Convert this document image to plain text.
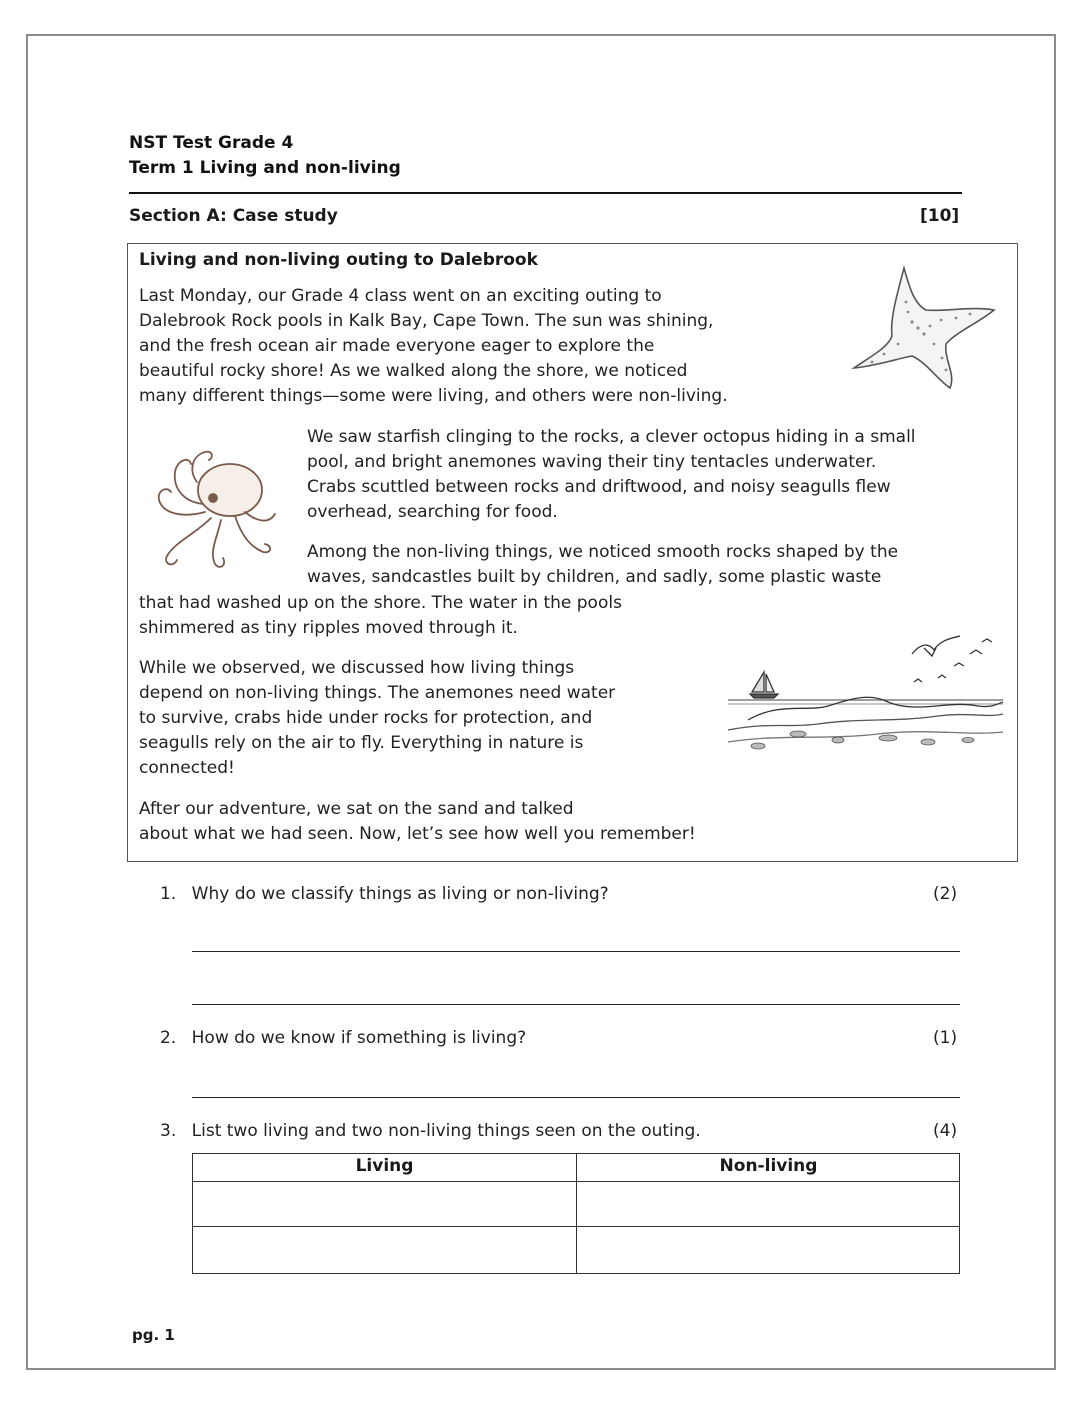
NST Test Grade 4
Term 1 Living and non-living
Section A: Case study	[10]
Living and non-living outing to Dalebrook
Last Monday, our Grade 4 class went on an exciting outing to
Dalebrook Rock pools in Kalk Bay, Cape Town. The sun was shining,
and the fresh ocean air made everyone eager to explore the
beautiful rocky shore! As we walked along the shore, we noticed
many different things—some were living, and others were non-living.
We saw starfish clinging to the rocks, a clever octopus hiding in a small
pool, and bright anemones waving their tiny tentacles underwater.
Crabs scuttled between rocks and driftwood, and noisy seagulls flew
overhead, searching for food.
Among the non-living things, we noticed smooth rocks shaped by the
waves, sandcastles built by children, and sadly, some plastic waste
that had washed up on the shore. The water in the pools
shimmered as tiny ripples moved through it.
While we observed, we discussed how living things
depend on non-living things. The anemones need water
to survive, crabs hide under rocks for protection, and
seagulls rely on the air to fly. Everything in nature is
connected!
After our adventure, we sat on the sand and talked
about what we had seen. Now, let’s see how well you remember!
1. Why do we classify things as living or non-living?	(2)
2. How do we know if something is living?	(1)
3. List two living and two non-living things seen on the outing.	(4)
Living	Non-living
pg. 1
